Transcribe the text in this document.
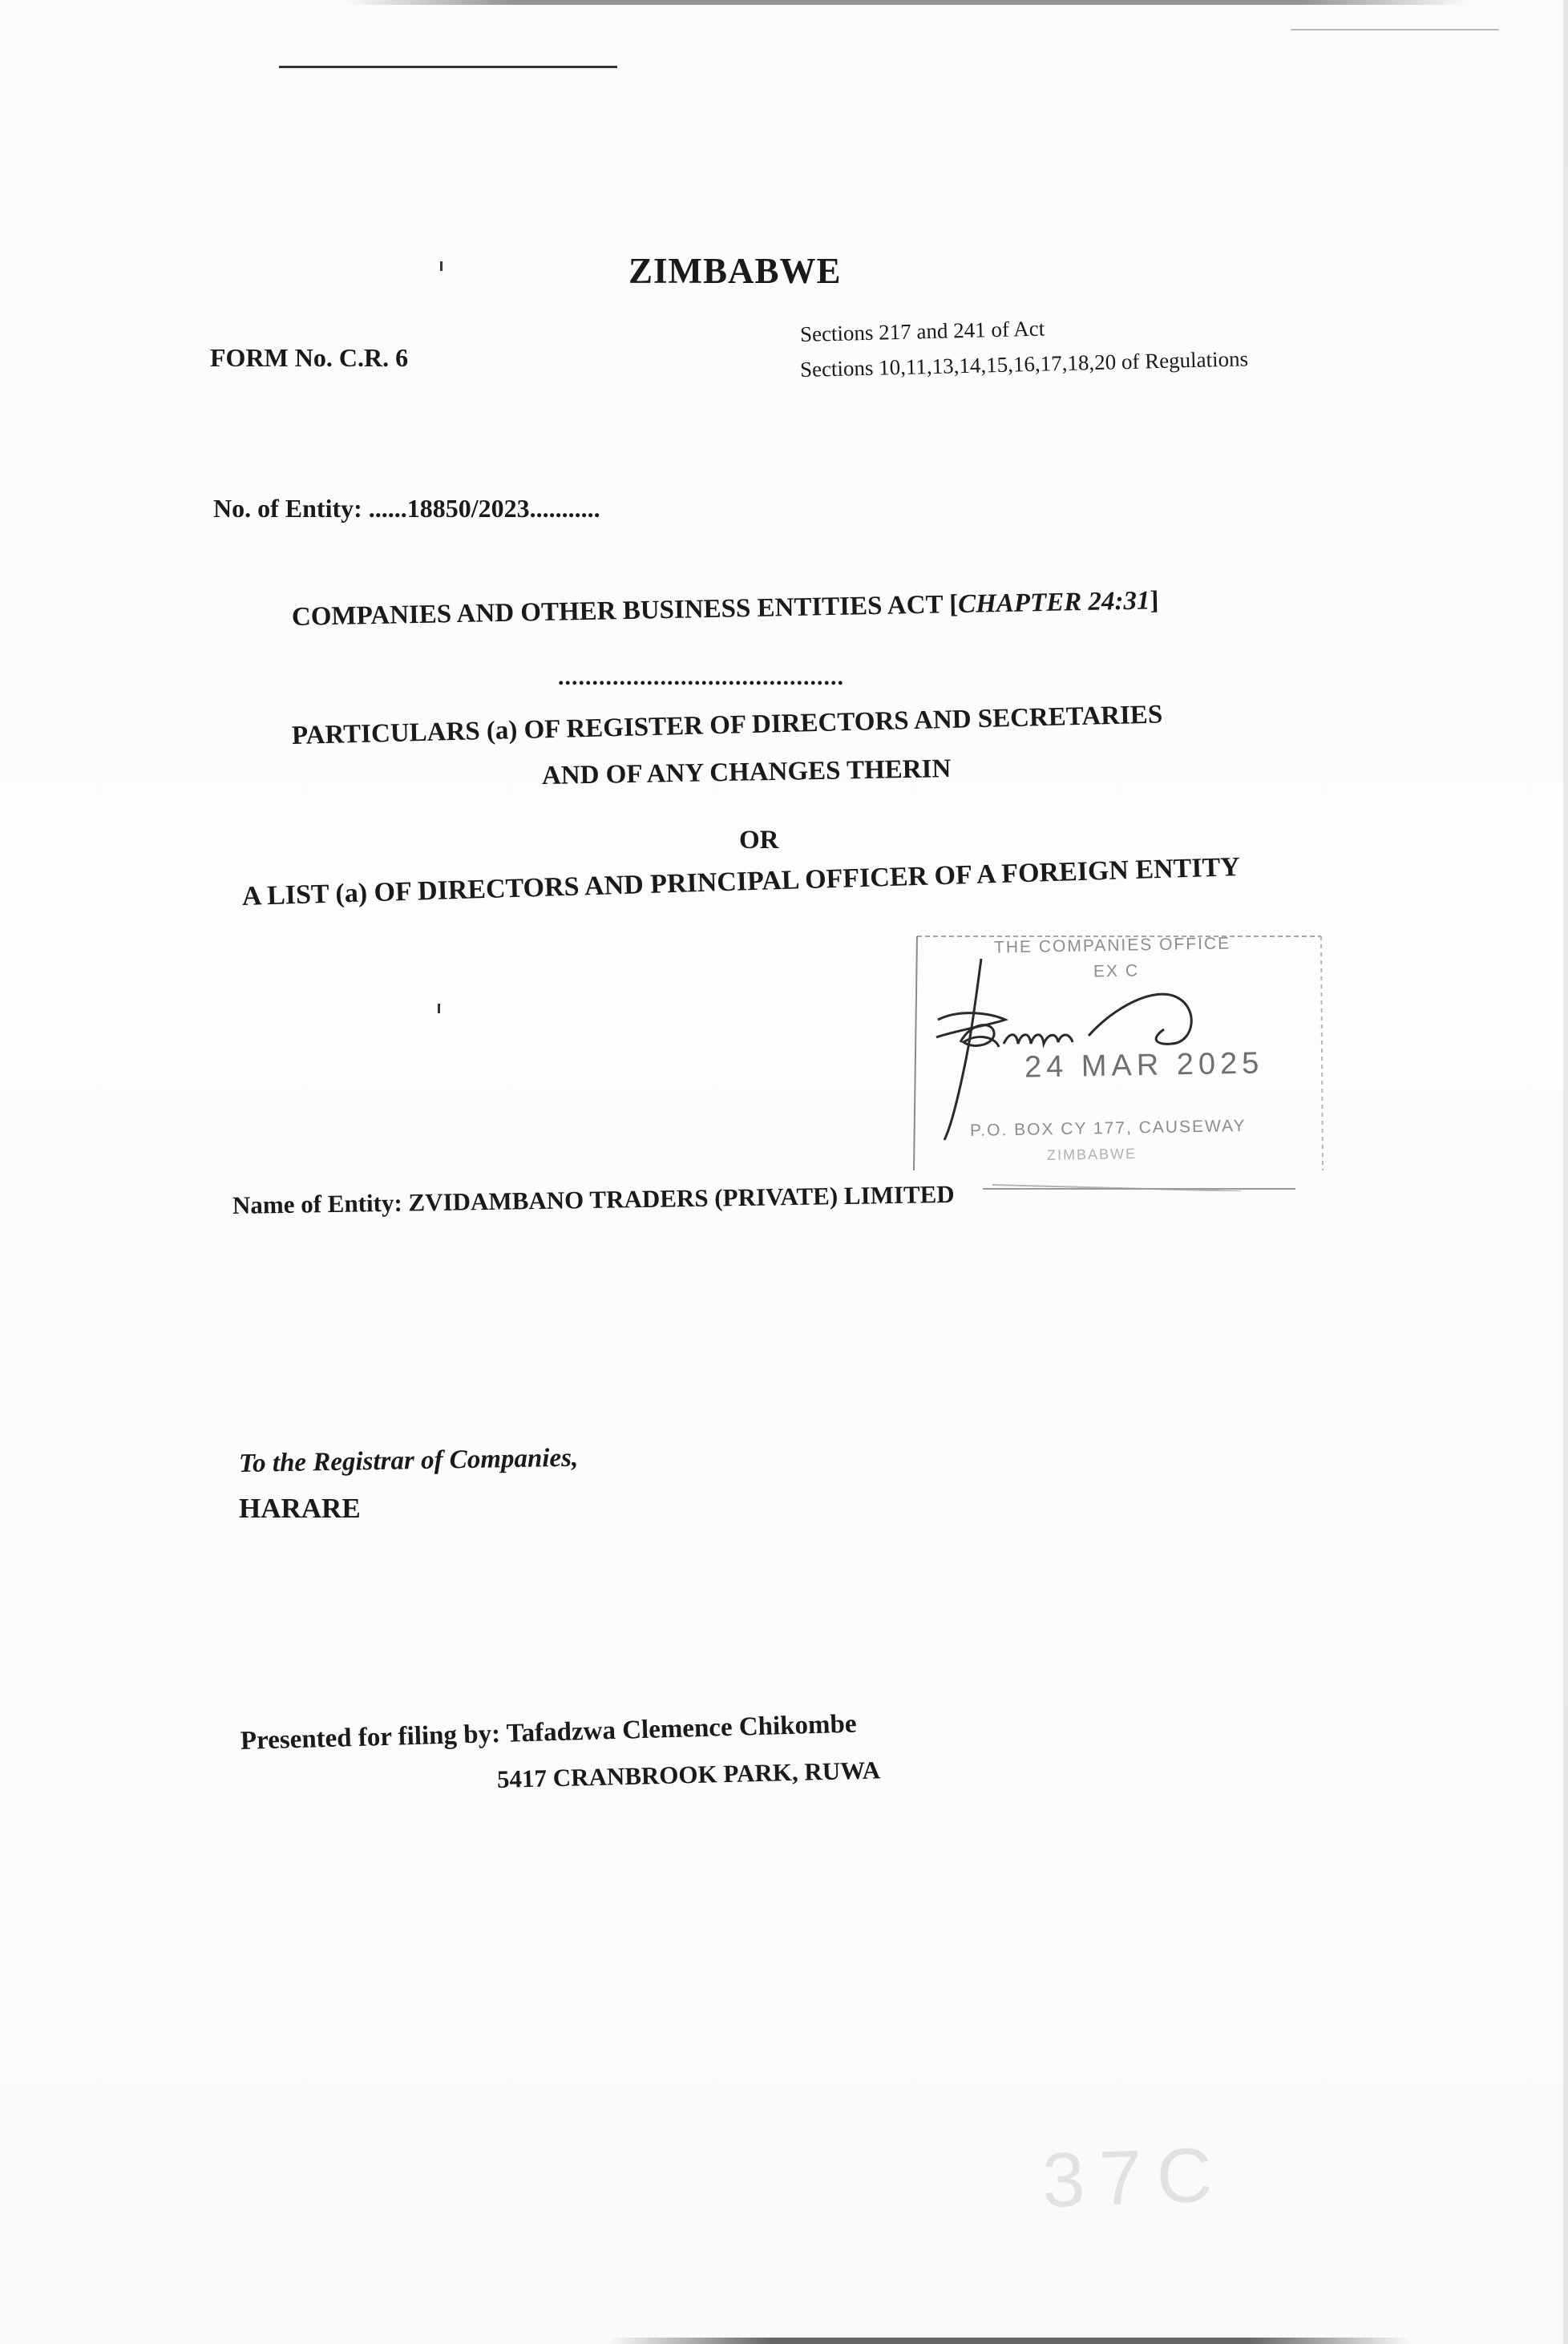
ZIMBABWE

FORM No. C.R. 6

Sections 217 and 241 of Act

Sections 10,11,13,14,15,16,17,18,20 of Regulations

No. of Entity: ......18850/2023...........

COMPANIES AND OTHER BUSINESS ENTITIES ACT [CHAPTER 24:31]

..........................................

PARTICULARS (a) OF REGISTER OF DIRECTORS AND SECRETARIES

AND OF ANY CHANGES THERIN

OR

A LIST (a) OF DIRECTORS AND PRINCIPAL OFFICER OF A FOREIGN ENTITY

THE COMPANIES OFFICE
EX C
24 MAR 2025
P.O. BOX CY 177, CAUSEWAY
ZIMBABWE

Name of Entity: ZVIDAMBANO TRADERS (PRIVATE) LIMITED

To the Registrar of Companies,

HARARE

Presented for filing by: Tafadzwa Clemence Chikombe

5417 CRANBROOK PARK, RUWA

37C
